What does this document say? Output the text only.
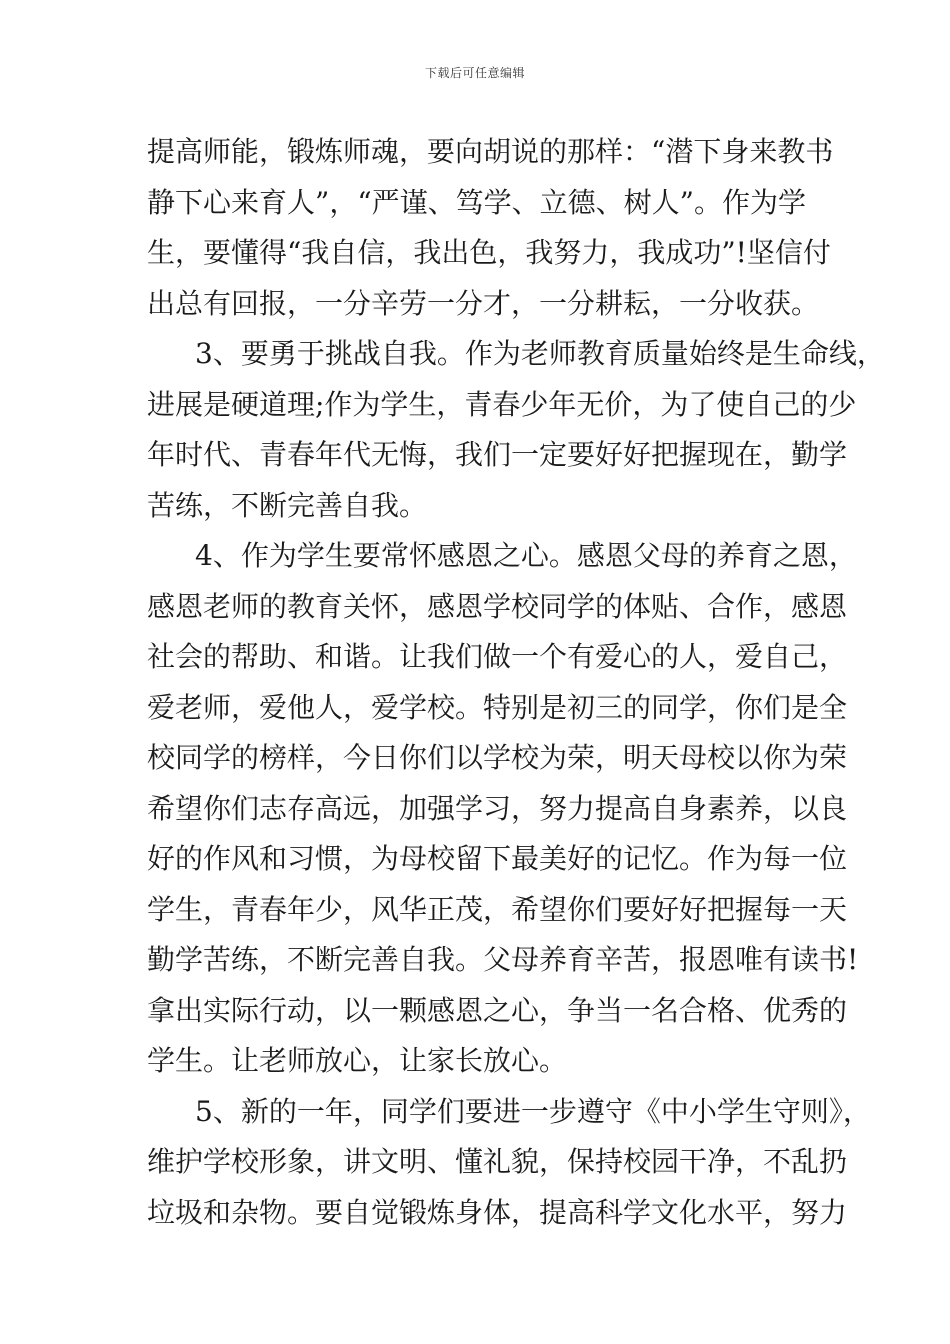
下载后可任意编辑
提高师能，锻炼师魂，要向胡说的那样：“潜下身来教书
静下心来育人”，“严谨、笃学、立德、树人”。作为学
生，要懂得“我自信，我出色，我努力，我成功”!坚信付
出总有回报，一分辛劳一分才，一分耕耘，一分收获。
3、要勇于挑战自我。作为老师教育质量始终是生命线，
进展是硬道理;作为学生，青春少年无价，为了使自己的少
年时代、青春年代无悔，我们一定要好好把握现在，勤学
苦练，不断完善自我。
4、作为学生要常怀感恩之心。感恩父母的养育之恩，
感恩老师的教育关怀，感恩学校同学的体贴、合作，感恩
社会的帮助、和谐。让我们做一个有爱心的人，爱自己，
爱老师，爱他人，爱学校。特别是初三的同学，你们是全
校同学的榜样，今日你们以学校为荣，明天母校以你为荣
希望你们志存高远，加强学习，努力提高自身素养，以良
好的作风和习惯，为母校留下最美好的记忆。作为每一位
学生，青春年少，风华正茂，希望你们要好好把握每一天
勤学苦练，不断完善自我。父母养育辛苦，报恩唯有读书!
拿出实际行动，以一颗感恩之心，争当一名合格、优秀的
学生。让老师放心，让家长放心。
5、新的一年，同学们要进一步遵守《中小学生守则》，
维护学校形象，讲文明、懂礼貌，保持校园干净，不乱扔
垃圾和杂物。要自觉锻炼身体，提高科学文化水平，努力
